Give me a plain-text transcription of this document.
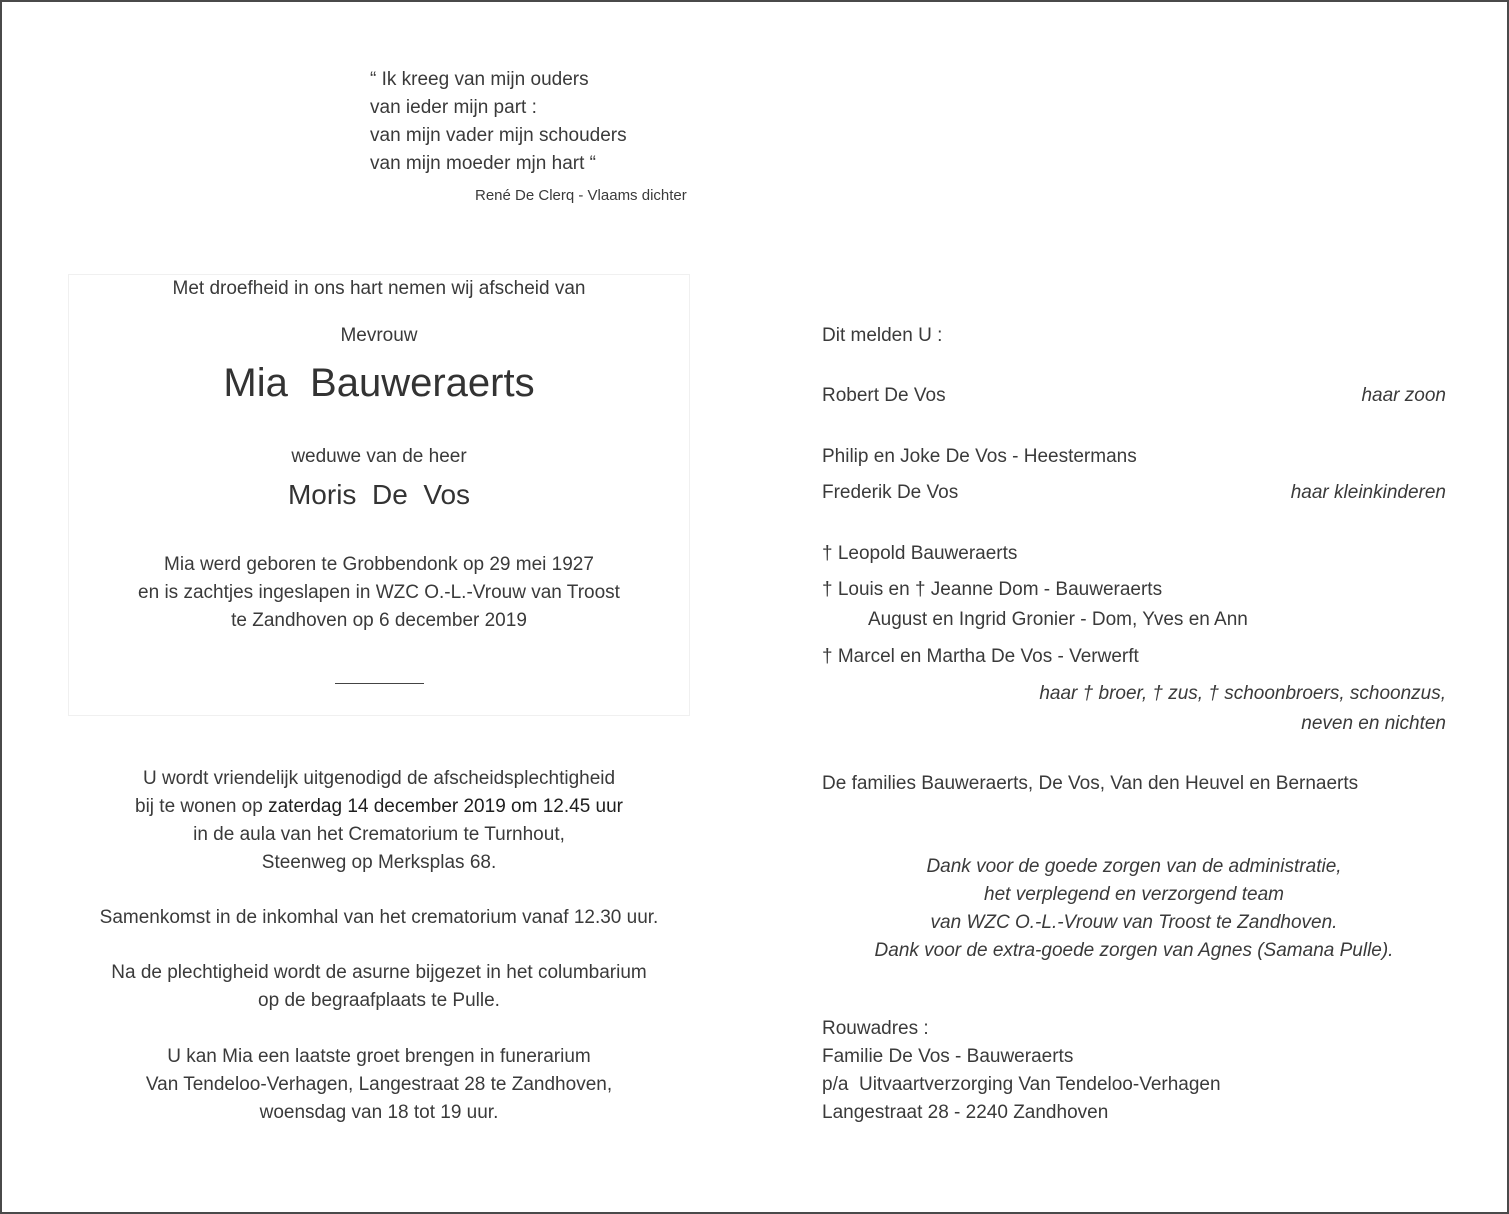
“ Ik kreeg van mijn ouders
van ieder mijn part :
van mijn vader mijn schouders
van mijn moeder mjn hart “
René De Clerq - Vlaams dichter
Met droefheid in ons hart nemen wij afscheid van
Mevrouw
Mia  Bauweraerts
weduwe van de heer
Moris  De  Vos
Mia werd geboren te Grobbendonk op 29 mei 1927
en is zachtjes ingeslapen in WZC O.-L.-Vrouw van Troost
te Zandhoven op 6 december 2019
U wordt vriendelijk uitgenodigd de afscheidsplechtigheid
bij te wonen op zaterdag 14 december 2019 om 12.45 uur
in de aula van het Crematorium te Turnhout,
Steenweg op Merksplas 68.
Samenkomst in de inkomhal van het crematorium vanaf 12.30 uur.
Na de plechtigheid wordt de asurne bijgezet in het columbarium
op de begraafplaats te Pulle.
U kan Mia een laatste groet brengen in funerarium
Van Tendeloo-Verhagen, Langestraat 28 te Zandhoven,
woensdag van 18 tot 19 uur.
Dit melden U :
Robert De Vos	haar zoon
Philip en Joke De Vos - Heestermans
Frederik De Vos	haar kleinkinderen
† Leopold Bauweraerts
† Louis en † Jeanne Dom - Bauweraerts
August en Ingrid Gronier - Dom, Yves en Ann
† Marcel en Martha De Vos - Verwerft
haar † broer, † zus, † schoonbroers, schoonzus,
neven en nichten
De families Bauweraerts, De Vos, Van den Heuvel en Bernaerts
Dank voor de goede zorgen van de administratie,
het verplegend en verzorgend team
van WZC O.-L.-Vrouw van Troost te Zandhoven.
Dank voor de extra-goede zorgen van Agnes (Samana Pulle).
Rouwadres :
Familie De Vos - Bauweraerts
p/a  Uitvaartverzorging Van Tendeloo-Verhagen
Langestraat 28 - 2240 Zandhoven
